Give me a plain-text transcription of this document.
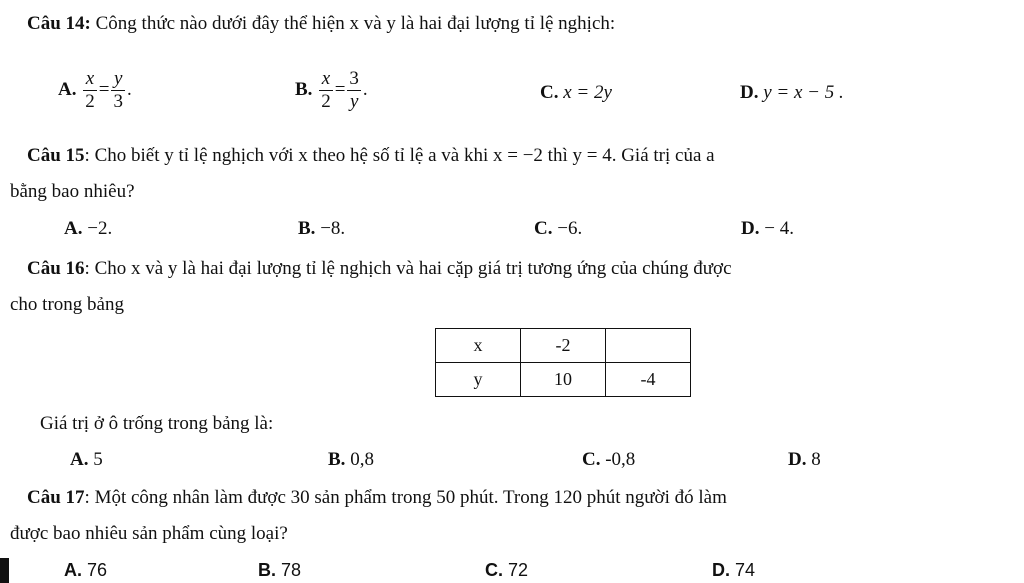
Câu 14: Công thức nào dưới đây thể hiện x và y là hai đại lượng tỉ lệ nghịch:
A. $\frac{x}{2} = \frac{y}{3}$ .	B. $\frac{x}{2} = \frac{3}{y}$ .	C. x = 2y	D. y = x − 5 .
Câu 15: Cho biết y tỉ lệ nghịch với x theo hệ số tỉ lệ a và khi x = −2 thì y = 4. Giá trị của a
bằng bao nhiêu?
A. −2.	B. −8.	C. −6.	D. − 4.
Câu 16: Cho x và y là hai đại lượng tỉ lệ nghịch và hai cặp giá trị tương ứng của chúng được
cho trong bảng
x	-2	
y	10	-4
Giá trị ở ô trống trong bảng là:
A. 5	B. 0,8	C. -0,8	D. 8
Câu 17: Một công nhân làm được 30 sản phẩm trong 50 phút. Trong 120 phút người đó làm
được bao nhiêu sản phẩm cùng loại?
A. 76	B. 78	C. 72	D. 74
